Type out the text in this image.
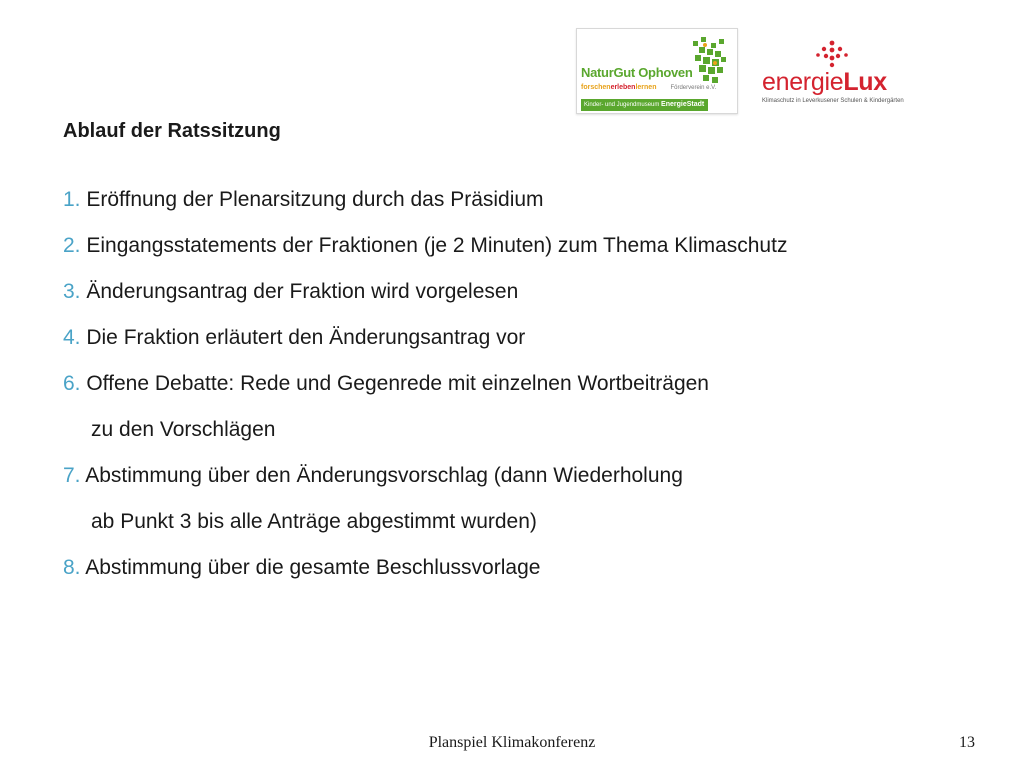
NaturGut Ophoven
forschenerlebenlernen Förderverein e.V.
Kinder- und Jugendmuseum EnergieStadt
energieLux
Klimaschutz in Leverkusener Schulen & Kindergärten
Ablauf der Ratssitzung
1. Eröffnung der Plenarsitzung durch das Präsidium
2. Eingangsstatements der Fraktionen (je 2 Minuten) zum Thema Klimaschutz
3. Änderungsantrag der Fraktion wird vorgelesen
4. Die Fraktion erläutert den Änderungsantrag vor
6. Offene Debatte: Rede und Gegenrede mit einzelnen Wortbeiträgen
zu den Vorschlägen
7. Abstimmung über den Änderungsvorschlag (dann Wiederholung
ab Punkt 3 bis alle Anträge abgestimmt wurden)
8. Abstimmung über die gesamte Beschlussvorlage
Planspiel Klimakonferenz	13
